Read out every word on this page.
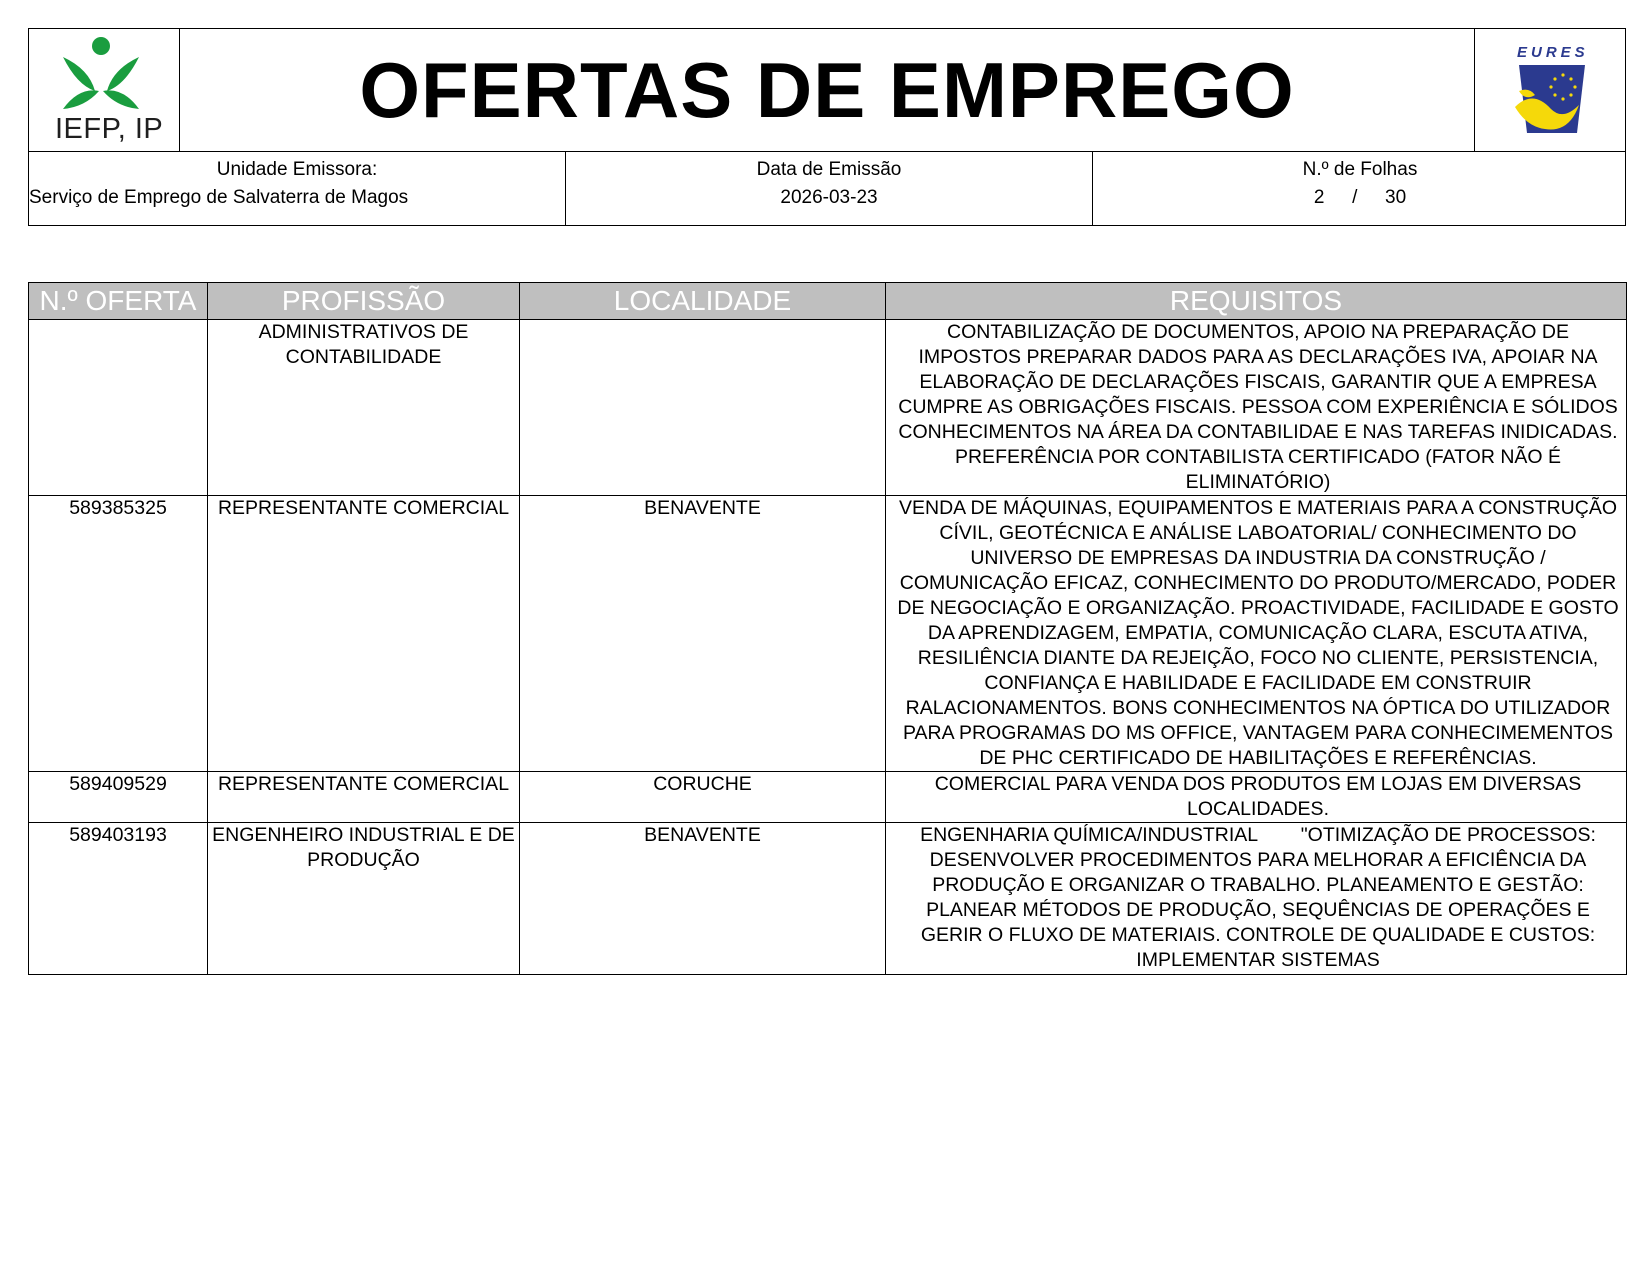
IEFP, IP	OFERTAS DE EMPREGO	EURES
Unidade Emissora:
Serviço de Emprego de Salvaterra de Magos
Data de Emissão
2026-03-23
N.º de Folhas
2 / 30
N.º OFERTA	PROFISSÃO	LOCALIDADE	REQUISITOS
	ADMINISTRATIVOS DE CONTABILIDADE		CONTABILIZAÇÃO DE DOCUMENTOS, APOIO NA PREPARAÇÃO DE IMPOSTOS PREPARAR DADOS PARA AS DECLARAÇÕES IVA, APOIAR NA ELABORAÇÃO DE DECLARAÇÕES FISCAIS, GARANTIR QUE A EMPRESA CUMPRE AS OBRIGAÇÕES FISCAIS. PESSOA COM EXPERIÊNCIA E SÓLIDOS CONHECIMENTOS NA ÁREA DA CONTABILIDAE E NAS TAREFAS INIDICADAS. PREFERÊNCIA POR CONTABILISTA CERTIFICADO (FATOR NÃO É ELIMINATÓRIO)
589385325	REPRESENTANTE COMERCIAL	BENAVENTE	VENDA DE MÁQUINAS, EQUIPAMENTOS E MATERIAIS PARA A CONSTRUÇÃO CÍVIL, GEOTÉCNICA E ANÁLISE LABOATORIAL/ CONHECIMENTO DO UNIVERSO DE EMPRESAS DA INDUSTRIA DA CONSTRUÇÃO / COMUNICAÇÃO EFICAZ, CONHECIMENTO DO PRODUTO/MERCADO, PODER DE NEGOCIAÇÃO E ORGANIZAÇÃO. PROACTIVIDADE, FACILIDADE E GOSTO DA APRENDIZAGEM, EMPATIA, COMUNICAÇÃO CLARA, ESCUTA ATIVA, RESILIÊNCIA DIANTE DA REJEIÇÃO, FOCO NO CLIENTE, PERSISTENCIA, CONFIANÇA E HABILIDADE E FACILIDADE EM CONSTRUIR RALACIONAMENTOS. BONS CONHECIMENTOS NA ÓPTICA DO UTILIZADOR PARA PROGRAMAS DO MS OFFICE, VANTAGEM PARA CONHECIMEMENTOS DE PHC CERTIFICADO DE HABILITAÇÕES E REFERÊNCIAS.
589409529	REPRESENTANTE COMERCIAL	CORUCHE	COMERCIAL PARA VENDA DOS PRODUTOS EM LOJAS EM DIVERSAS LOCALIDADES.
589403193	ENGENHEIRO INDUSTRIAL E DE PRODUÇÃO	BENAVENTE	ENGENHARIA QUÍMICA/INDUSTRIAL        "OTIMIZAÇÃO DE PROCESSOS: DESENVOLVER PROCEDIMENTOS PARA MELHORAR A EFICIÊNCIA DA PRODUÇÃO E ORGANIZAR O TRABALHO. PLANEAMENTO E GESTÃO: PLANEAR MÉTODOS DE PRODUÇÃO, SEQUÊNCIAS DE OPERAÇÕES E GERIR O FLUXO DE MATERIAIS. CONTROLE DE QUALIDADE E CUSTOS: IMPLEMENTAR SISTEMAS
